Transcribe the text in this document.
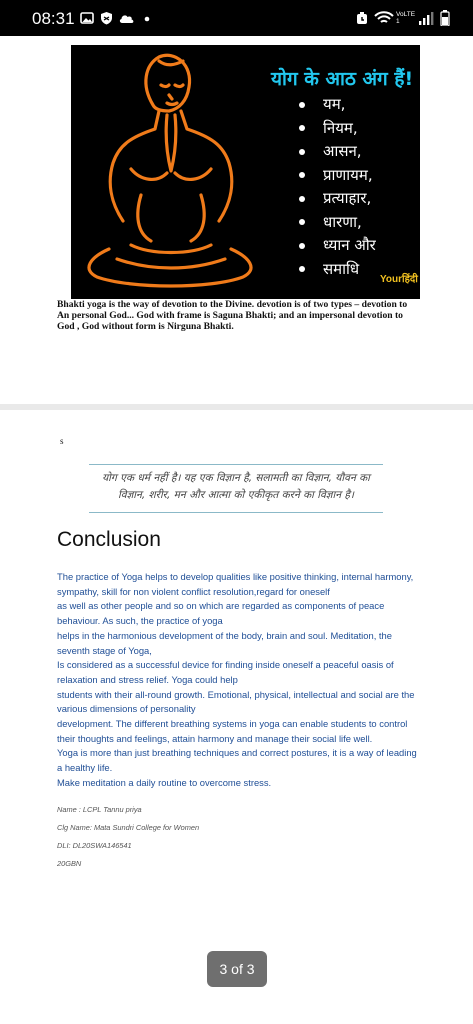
08:31	VoLTE1
योग के आठ अंग हैं!
यम,
नियम,
आसन,
प्राणायम,
प्रत्याहार,
धारणा,
ध्यान और
समाधि
Yourहिंदी
Bhakti yoga is the way of devotion to the Divine. devotion is of two types – devotion to An personal God... God with frame is Saguna Bhakti; and an impersonal devotion to God , God without form is Nirguna Bhakti.
s
योग एक धर्म नहीं है। यह एक विज्ञान है, सलामती का विज्ञान, यौवन का विज्ञान, शरीर, मन और आत्मा को एकीकृत करने का विज्ञान है।
Conclusion

The practice of Yoga helps to develop qualities like positive thinking, internal harmony, sympathy, skill for non violent conflict resolution,regard for oneself

as well as other people and so on which are regarded as components of peace behaviour. As such, the practice of yoga

helps in the harmonious development of the body, brain and soul. Meditation, the seventh stage of Yoga,

Is considered as a successful device for finding inside oneself a peaceful oasis of relaxation and stress relief. Yoga could help

students with their all-round growth. Emotional, physical, intellectual and social are the various dimensions of personality

development. The different breathing systems in yoga can enable students to control their thoughts and feelings, attain harmony and manage their social life well.

Yoga is more than just breathing techniques and correct postures, it is a way of leading a healthy life.

Make meditation a daily routine to overcome stress.

Name : LCPL Tannu priya
Clg Name: Mata Sundri College for Women
DLI: DL20SWA146541
20GBN
3 of 3
